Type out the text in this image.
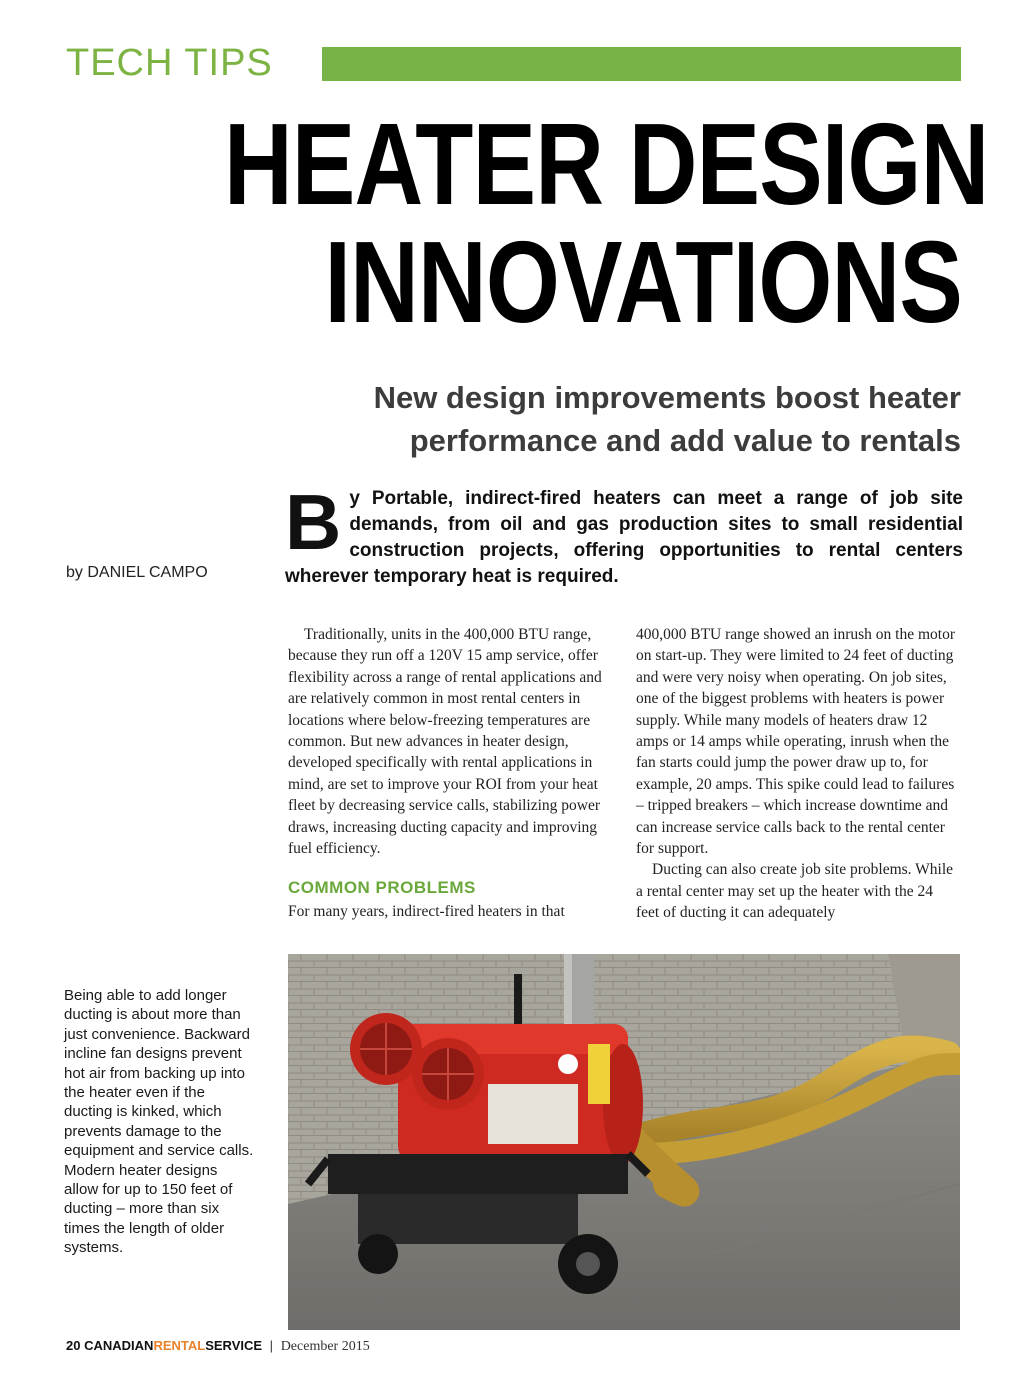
TECH TIPS
HEATER DESIGN
INNOVATIONS
New design improvements boost heater
performance and add value to rentals
by DANIEL CAMPO
B y Portable, indirect-fired heaters can meet a range of job site demands, from oil and gas production sites to small residential construction projects, offering opportunities to rental centers wherever temporary heat is required.

Traditionally, units in the 400,000 BTU range, because they run off a 120V 15 amp service, offer flexibility across a range of rental applications and are relatively common in most rental centers in locations where below-freezing temperatures are common. But new advances in heater design, developed specifically with rental applications in mind, are set to improve your ROI from your heat fleet by decreasing service calls, stabilizing power draws, increasing ducting capacity and improving fuel efficiency.

COMMON PROBLEMS

For many years, indirect-fired heaters in that

400,000 BTU range showed an inrush on the motor on start-up. They were limited to 24 feet of ducting and were very noisy when operating. On job sites, one of the biggest problems with heaters is power supply. While many models of heaters draw 12 amps or 14 amps while operating, inrush when the fan starts could jump the power draw up to, for example, 20 amps. This spike could lead to failures – tripped breakers – which increase downtime and can increase service calls back to the rental center for support.

Ducting can also create job site problems. While a rental center may set up the heater with the 24 feet of ducting it can adequately

Being able to add longer ducting is about more than just convenience. Backward incline fan designs prevent hot air from backing up into the heater even if the ducting is kinked, which prevents damage to the equipment and service calls. Modern heater designs allow for up to 150 feet of ducting – more than six times the length of older systems.
20 CANADIANRENTALSERVICE | December 2015
